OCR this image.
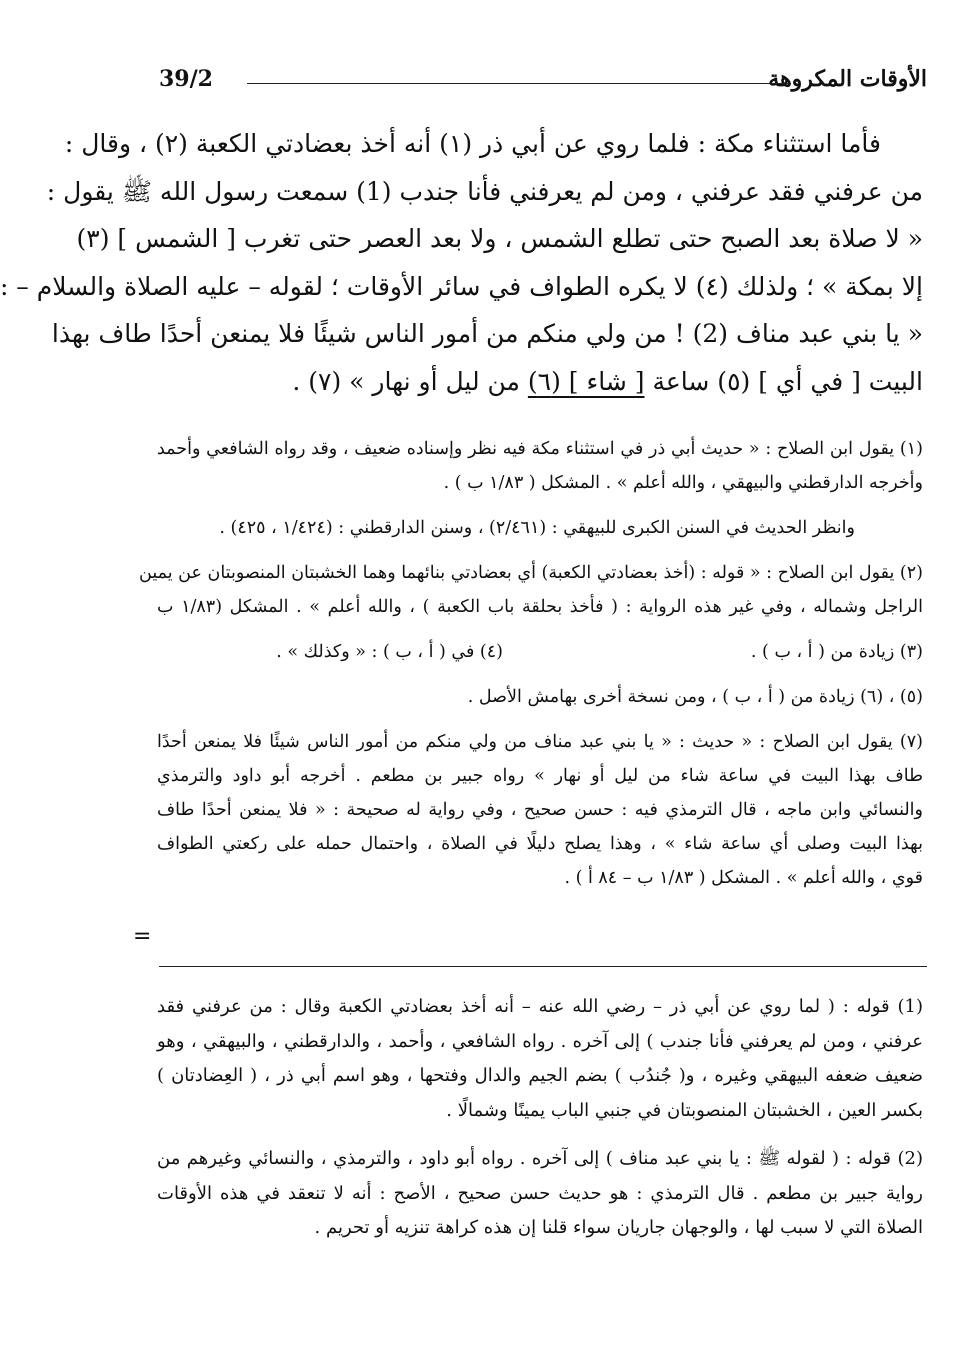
الأوقات المكروهة
39/2
فأما استثناء مكة : فلما روي عن أبي ذر (١) أنه أخذ بعضادتي الكعبة (٢) ، وقال :
من عرفني فقد عرفني ، ومن لم يعرفني فأنا جندب (1) سمعت رسول الله ﷺ يقول :
« لا صلاة بعد الصبح حتى تطلع الشمس ، ولا بعد العصر حتى تغرب [ الشمس ] (٣)
إلا بمكة » ؛ ولذلك (٤) لا يكره الطواف في سائر الأوقات ؛ لقوله – عليه الصلاة والسلام – :
« يا بني عبد مناف (2) ! من ولي منكم من أمور الناس شيئًا فلا يمنعن أحدًا طاف بهذا
البيت [ في أي ] (٥) ساعة [ شاء ] (٦) من ليل أو نهار » (٧) .
(١) يقول ابن الصلاح : « حديث أبي ذر في استثناء مكة فيه نظر وإسناده ضعيف ، وقد رواه الشافعي وأحمد
وأخرجه الدارقطني والبيهقي ، والله أعلم » . المشكل ( ١/٨٣ ب ) .
وانظر الحديث في السنن الكبرى للبيهقي : (٢/٤٦١) ، وسنن الدارقطني : (١/٤٢٤ ، ٤٢٥) .
(٢) يقول ابن الصلاح : « قوله : (أخذ بعضادتي الكعبة) أي بعضادتي بنائهما وهما الخشبتان المنصوبتان عن يمين
الراجل وشماله ، وفي غير هذه الرواية : ( فأخذ بحلقة باب الكعبة ) ، والله أعلم » . المشكل (١/٨٣ ب
(٣) زيادة من ( أ ، ب ) .
(٤) في ( أ ، ب ) : « وكذلك » .
(٥) ، (٦) زيادة من ( أ ، ب ) ، ومن نسخة أخرى بهامش الأصل .
(٧) يقول ابن الصلاح : « حديث : « يا بني عبد مناف من ولي منكم من أمور الناس شيئًا فلا يمنعن أحدًا
طاف بهذا البيت في ساعة شاء من ليل أو نهار » رواه جبير بن مطعم . أخرجه أبو داود والترمذي
والنسائي وابن ماجه ، قال الترمذي فيه : حسن صحيح ، وفي رواية له صحيحة : « فلا يمنعن أحدًا طاف
بهذا البيت وصلى أي ساعة شاء » ، وهذا يصلح دليلًا في الصلاة ، واحتمال حمله على ركعتي الطواف
قوي ، والله أعلم » . المشكل ( ١/٨٣ ب – ٨٤ أ ) .
=
(1) قوله : ( لما روي عن أبي ذر – رضي الله عنه – أنه أخذ بعضادتي الكعبة وقال : من عرفني فقد
عرفني ، ومن لم يعرفني فأنا جندب ) إلى آخره . رواه الشافعي ، وأحمد ، والدارقطني ، والبيهقي ، وهو
ضعيف ضعفه البيهقي وغيره ، و( جُندُب ) بضم الجيم والدال وفتحها ، وهو اسم أبي ذر ، ( العِضادتان )
بكسر العين ، الخشبتان المنصوبتان في جنبي الباب يمينًا وشمالًا .
(2) قوله : ( لقوله ﷺ : يا بني عبد مناف ) إلى آخره . رواه أبو داود ، والترمذي ، والنسائي وغيرهم من
رواية جبير بن مطعم . قال الترمذي : هو حديث حسن صحيح ، الأصح : أنه لا تنعقد في هذه الأوقات
الصلاة التي لا سبب لها ، والوجهان جاريان سواء قلنا إن هذه كراهة تنزيه أو تحريم .
